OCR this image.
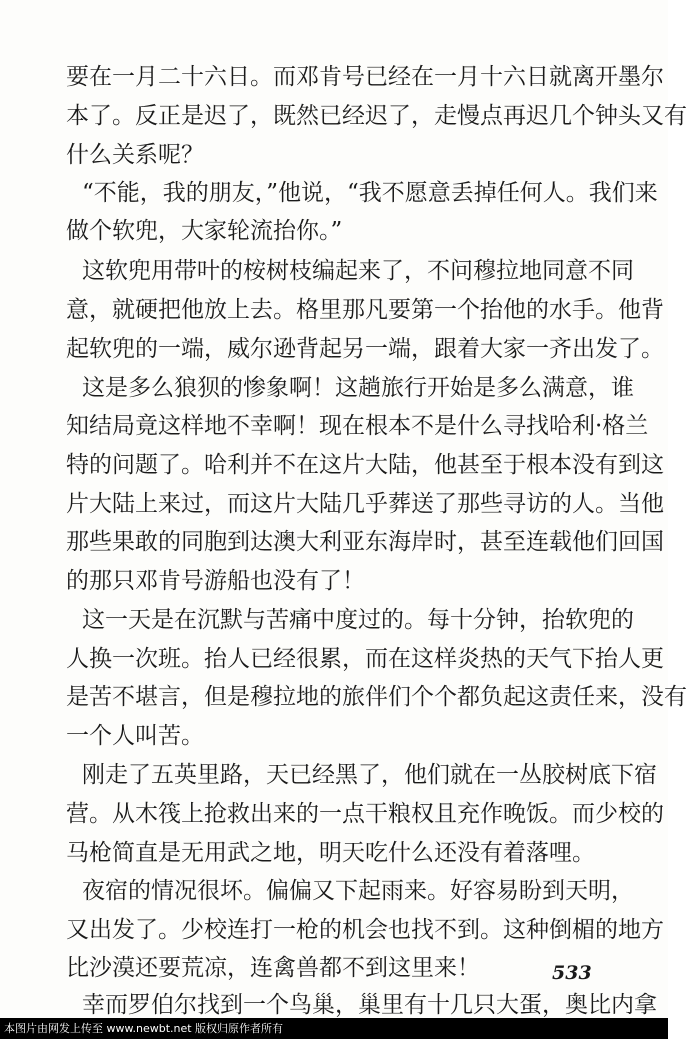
要在一月二十六日。而邓肯号已经在一月十六日就离开墨尔
本了。反正是迟了，既然已经迟了，走慢点再迟几个钟头又有
什么关系呢？
“不能，我的朋友，”他说，“我不愿意丢掉任何人。我们来
做个软兜，大家轮流抬你。”
这软兜用带叶的桉树枝编起来了，不问穆拉地同意不同
意，就硬把他放上去。格里那凡要第一个抬他的水手。他背
起软兜的一端，威尔逊背起另一端，跟着大家一齐出发了。
这是多么狼狈的惨象啊！这趟旅行开始是多么满意，谁
知结局竟这样地不幸啊！现在根本不是什么寻找哈利·格兰
特的问题了。哈利并不在这片大陆，他甚至于根本没有到这
片大陆上来过，而这片大陆几乎葬送了那些寻访的人。当他
那些果敢的同胞到达澳大利亚东海岸时，甚至连载他们回国
的那只邓肯号游船也没有了！
这一天是在沉默与苦痛中度过的。每十分钟，抬软兜的
人换一次班。抬人已经很累，而在这样炎热的天气下抬人更
是苦不堪言，但是穆拉地的旅伴们个个都负起这责任来，没有
一个人叫苦。
刚走了五英里路，天已经黑了，他们就在一丛胶树底下宿
营。从木筏上抢救出来的一点干粮权且充作晚饭。而少校的
马枪简直是无用武之地，明天吃什么还没有着落哩。
夜宿的情况很坏。偏偏又下起雨来。好容易盼到天明，
又出发了。少校连打一枪的机会也找不到。这种倒楣的地方
比沙漠还要荒凉，连禽兽都不到这里来！
幸而罗伯尔找到一个鸟巢，巢里有十几只大蛋，奥比内拿
533
本图片由网发上传至 www.newbt.net 版权归原作者所有
